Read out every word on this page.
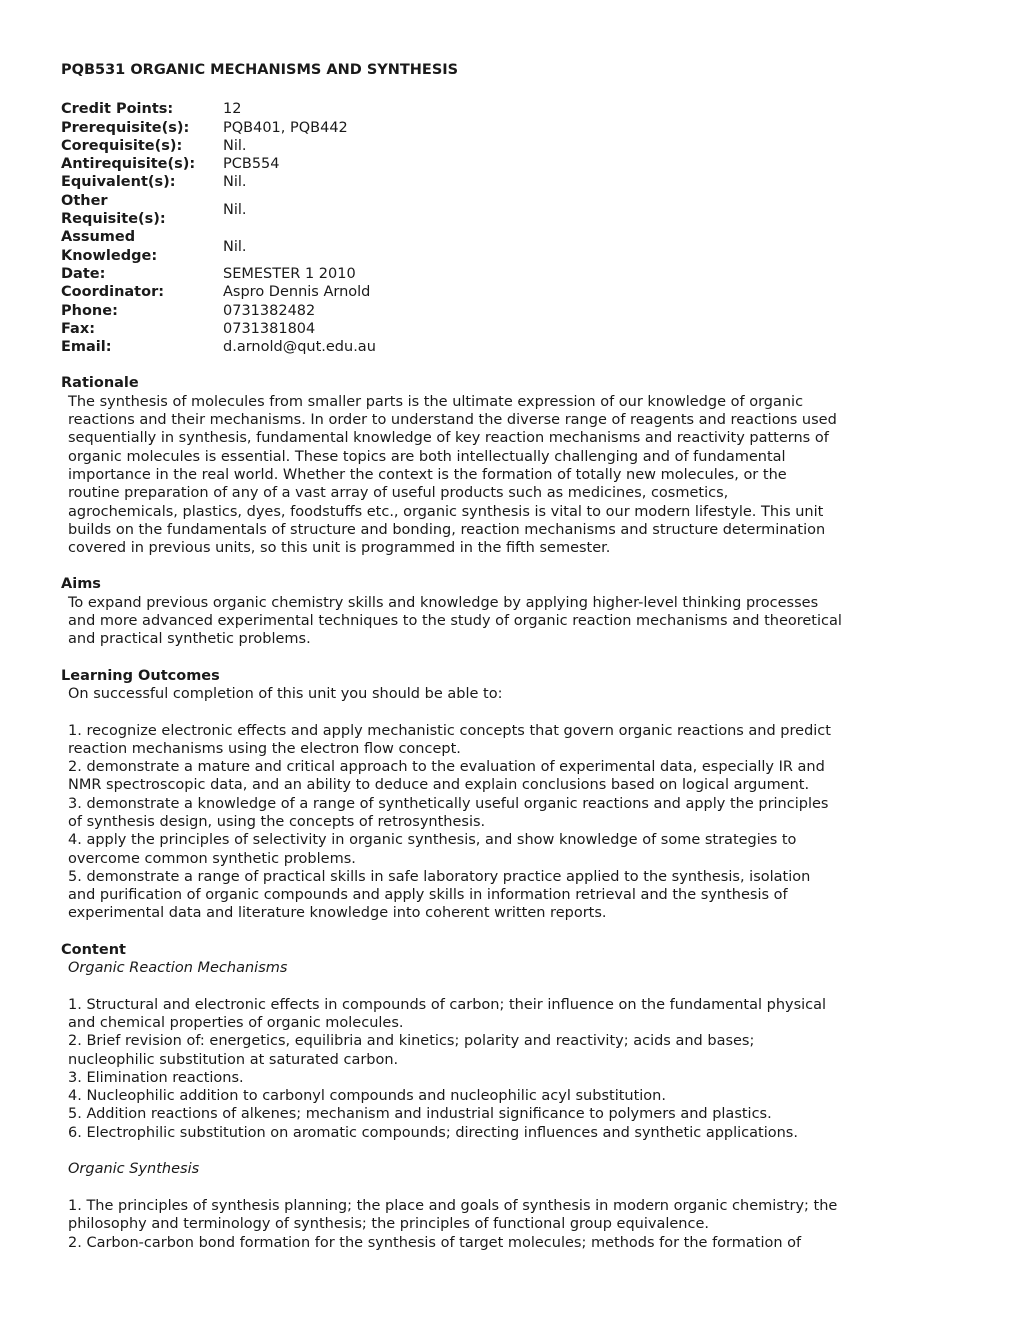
PQB531 ORGANIC MECHANISMS AND SYNTHESIS
Credit Points:	12
Prerequisite(s):	PQB401, PQB442
Corequisite(s):	Nil.
Antirequisite(s):	PCB554
Equivalent(s):	Nil.

Other
Requisite(s):	Nil.

Assumed
Knowledge:	Nil.
Date:	SEMESTER 1 2010
Coordinator:	Aspro Dennis Arnold
Phone:	0731382482
Fax:	0731381804
Email:	d.arnold@qut.edu.au
Rationale

The synthesis of molecules from smaller parts is the ultimate expression of our knowledge of organic

reactions and their mechanisms. In order to understand the diverse range of reagents and reactions used

sequentially in synthesis, fundamental knowledge of key reaction mechanisms and reactivity patterns of

organic molecules is essential. These topics are both intellectually challenging and of fundamental

importance in the real world. Whether the context is the formation of totally new molecules, or the

routine preparation of any of a vast array of useful products such as medicines, cosmetics,

agrochemicals, plastics, dyes, foodstuffs etc., organic synthesis is vital to our modern lifestyle. This unit

builds on the fundamentals of structure and bonding, reaction mechanisms and structure determination

covered in previous units, so this unit is programmed in the fifth semester.

Aims

To expand previous organic chemistry skills and knowledge by applying higher-level thinking processes

and more advanced experimental techniques to the study of organic reaction mechanisms and theoretical

and practical synthetic problems.

Learning Outcomes

On successful completion of this unit you should be able to:

1. recognize electronic effects and apply mechanistic concepts that govern organic reactions and predict

reaction mechanisms using the electron flow concept.

2. demonstrate a mature and critical approach to the evaluation of experimental data, especially IR and

NMR spectroscopic data, and an ability to deduce and explain conclusions based on logical argument.

3. demonstrate a knowledge of a range of synthetically useful organic reactions and apply the principles

of synthesis design, using the concepts of retrosynthesis.

4. apply the principles of selectivity in organic synthesis, and show knowledge of some strategies to

overcome common synthetic problems.

5. demonstrate a range of practical skills in safe laboratory practice applied to the synthesis, isolation

and purification of organic compounds and apply skills in information retrieval and the synthesis of

experimental data and literature knowledge into coherent written reports.

Content

Organic Reaction Mechanisms

1. Structural and electronic effects in compounds of carbon; their influence on the fundamental physical

and chemical properties of organic molecules.

2. Brief revision of: energetics, equilibria and kinetics; polarity and reactivity; acids and bases;

nucleophilic substitution at saturated carbon.

3. Elimination reactions.

4. Nucleophilic addition to carbonyl compounds and nucleophilic acyl substitution.

5. Addition reactions of alkenes; mechanism and industrial significance to polymers and plastics.

6. Electrophilic substitution on aromatic compounds; directing influences and synthetic applications.

Organic Synthesis

1. The principles of synthesis planning; the place and goals of synthesis in modern organic chemistry; the

philosophy and terminology of synthesis; the principles of functional group equivalence.

2. Carbon-carbon bond formation for the synthesis of target molecules; methods for the formation of
